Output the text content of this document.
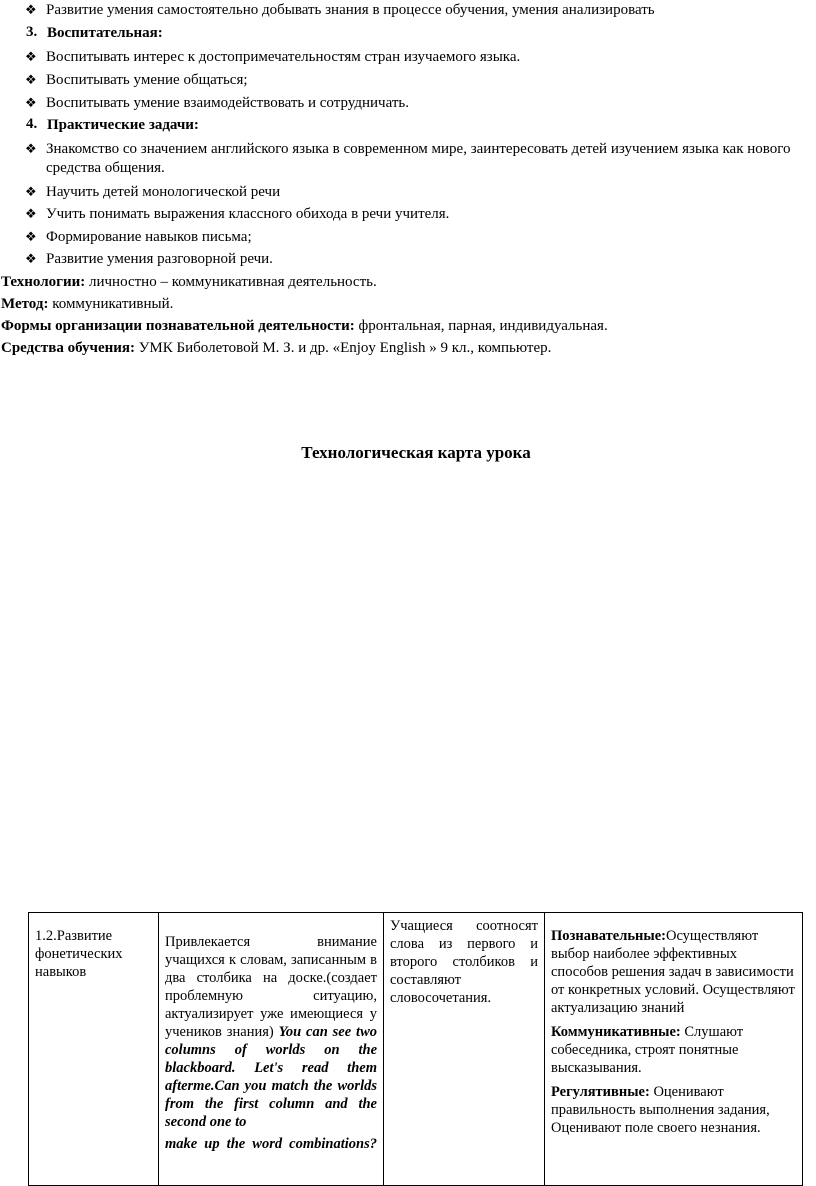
❖ Развитие умения самостоятельно добывать знания в процессе обучения, умения анализировать
3. Воспитательная:
❖ Воспитывать интерес к достопримечательностям стран изучаемого языка.
❖ Воспитывать умение общаться;
❖ Воспитывать умение взаимодействовать и сотрудничать.
4. Практические задачи:
❖ Знакомство со значением английского языка в современном мире, заинтересовать детей изучением языка как нового
средства общения.
❖ Научить детей монологической речи
❖ Учить понимать выражения классного обихода в речи учителя.
❖ Формирование навыков письма;
❖ Развитие умения разговорной речи.
Технологии: личностно – коммуникативная деятельность.
Метод: коммуникативный.
Формы организации познавательной деятельности: фронтальная, парная, индивидуальная.
Средства обучения: УМК Биболетовой М. З. и др. «Enjoy English » 9 кл., компьютер.
Технологическая карта урока
1.2.Развитие фонетических навыков

Привлекается внимание учащихся к словам, записанным в два столбика на доске.(создает проблемную ситуацию, актуализирует уже имеющиеся у учеников знания) You can see two columns of worlds on the blackboard. Let's read them afterme.Can you match the worlds from the first column and the second one to
make up the word combinations?

Учащиеся соотносят слова из первого и второго столбиков и составляют словосочетания.

Познавательные:Осуществляют выбор наиболее эффективных способов решения задач в зависимости от конкретных условий. Осуществляют актуализацию знаний
Коммуникативные: Слушают собеседника, строят понятные высказывания.
Регулятивные: Оценивают правильность выполнения задания, Оценивают поле своего незнания.
